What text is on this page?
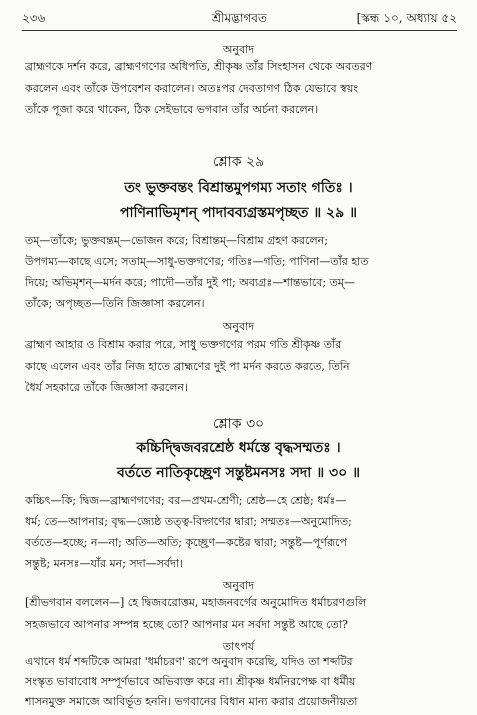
২৩৬	শ্রীমদ্ভাগবত	[স্কন্ধ ১০, অধ্যায় ৫২
অনুবাদ
ব্রাহ্মণকে দর্শন করে, ব্রাহ্মণগণের অধিপতি, শ্রীকৃষ্ণ তাঁর সিংহাসন থেকে অবতরণ
করলেন এবং তাঁকে উপবেশন করালেন। অতঃপর দেবতাগণ ঠিক যেভাবে স্বয়ং
তাঁকে পূজা করে থাকেন, ঠিক সেইভাবে ভগবান তাঁর অর্চনা করলেন।
শ্লোক ২৯
তং ভুক্তবন্তং বিশ্রান্তমুপগম্য সতাং গতিঃ ।
পাণিনাভিমৃশন্ পাদাবব্যগ্রস্তমপৃচ্ছত ॥ ২৯ ॥
তম্—তাঁকে; ভুক্তবন্তম্—ভোজন করে; বিশ্রান্তম্—বিশ্রাম গ্রহণ করলেন;
উপগম্য—কাছে এসে; সতাম্—সাধু-ভক্তগণের; গতিঃ—গতি; পাণিনা—তাঁর হাত
দিয়ে; অভিমৃশন্—মর্দন করে; পাদৌ—তাঁর দুই পা; অব্যগ্রঃ—শান্তভাবে; তম্—
তাঁকে; অপৃচ্ছত—তিনি জিজ্ঞাসা করলেন।
অনুবাদ
ব্রাহ্মণ আহার ও বিশ্রাম করার পরে, সাধু ভক্তগণের পরম গতি শ্রীকৃষ্ণ তাঁর
কাছে এলেন এবং তাঁর নিজ হাতে ব্রাহ্মণের দুই পা মর্দন করতে করতে, তিনি
ধৈর্য সহকারে তাঁকে জিজ্ঞাসা করলেন।
শ্লোক ৩০
কচ্চিদ্দ্বিজবরশ্রেষ্ঠ ধর্মস্তে বৃদ্ধসম্মতঃ ।
বর্ততে নাতিকৃচ্ছ্রেণ সন্তুষ্টমনসঃ সদা ॥ ৩০ ॥
কচ্চিৎ—কি; দ্বিজ—ব্রাহ্মণগণের; বর—প্রথম-শ্রেণী; শ্রেষ্ঠ—হে শ্রেষ্ঠ; ধর্মঃ—
ধর্ম; তে—আপনার; বৃদ্ধ—জ্যেষ্ঠ তত্ত্ব-বিদ্গণের দ্বারা; সম্মতঃ—অনুমোদিত;
বর্ততে—হচ্ছে; ন—না; অতি—অতি; কৃচ্ছ্রেণ—কষ্টের দ্বারা; সন্তুষ্ট—পূর্ণরূপে
সন্তুষ্ট; মনসঃ—যাঁর মন; সদা—সর্বদা।
অনুবাদ
[শ্রীভগবান বললেন—] হে দ্বিজবরোত্তম, মহাজনবর্গের অনুমোদিত ধর্মাচরণগুলি
সহজভাবে আপনার সম্পন্ন হচ্ছে তো? আপনার মন সর্বদা সন্তুষ্ট আছে তো?
তাৎপর্য
এখানে ধর্ম শব্দটিকে আমরা 'ধর্মাচরণ' রূপে অনুবাদ করেছি, যদিও তা শব্দটির
সংস্কৃত ভাবাবোধ সম্পূর্ণভাবে অভিব্যক্ত করে না। শ্রীকৃষ্ণ ধর্মনিরপেক্ষ বা ধর্মীয়
শাসনমুক্ত সমাজে আবির্ভূত হননি। ভগবানের বিধান মান্য করার প্রয়োজনীয়তা
